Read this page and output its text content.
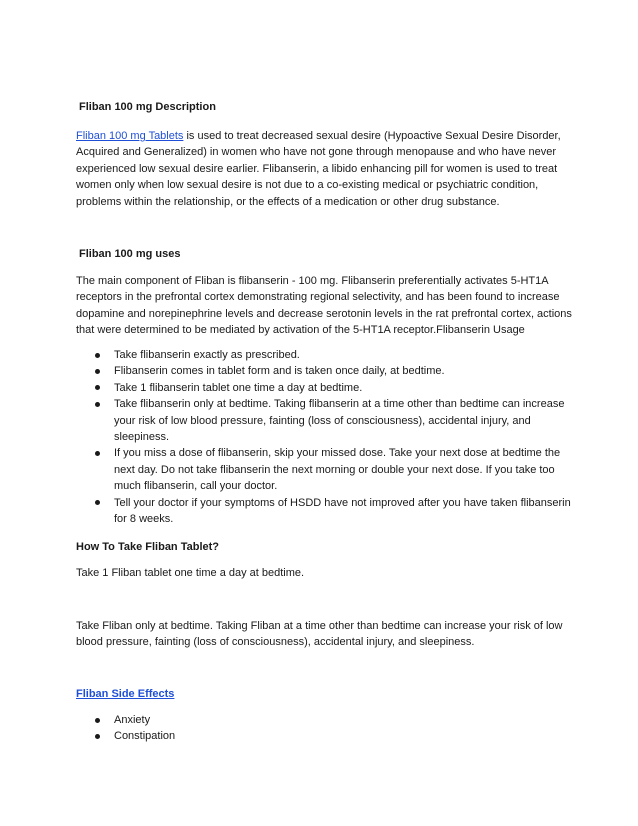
Fliban 100 mg Description
Fliban 100 mg Tablets is used to treat decreased sexual desire (Hypoactive Sexual Desire Disorder, Acquired and Generalized) in women who have not gone through menopause and who have never experienced low sexual desire earlier. Flibanserin, a libido enhancing pill for women is used to treat women only when low sexual desire is not due to a co-existing medical or psychiatric condition, problems within the relationship, or the effects of a medication or other drug substance.
Fliban 100 mg uses
The main component of Fliban is flibanserin - 100 mg. Flibanserin preferentially activates 5-HT1A receptors in the prefrontal cortex demonstrating regional selectivity, and has been found to increase dopamine and norepinephrine levels and decrease serotonin levels in the rat prefrontal cortex, actions that were determined to be mediated by activation of the 5-HT1A receptor.Flibanserin Usage
Take flibanserin exactly as prescribed.
Flibanserin comes in tablet form and is taken once daily, at bedtime.
Take 1 flibanserin tablet one time a day at bedtime.
Take flibanserin only at bedtime. Taking flibanserin at a time other than bedtime can increase your risk of low blood pressure, fainting (loss of consciousness), accidental injury, and sleepiness.
If you miss a dose of flibanserin, skip your missed dose. Take your next dose at bedtime the next day. Do not take flibanserin the next morning or double your next dose. If you take too much flibanserin, call your doctor.
Tell your doctor if your symptoms of HSDD have not improved after you have taken flibanserin for 8 weeks.
How To Take Fliban Tablet?
Take 1 Fliban tablet one time a day at bedtime.
Take Fliban only at bedtime. Taking Fliban at a time other than bedtime can increase your risk of low blood pressure, fainting (loss of consciousness), accidental injury, and sleepiness.
Fliban Side Effects
Anxiety
Constipation
